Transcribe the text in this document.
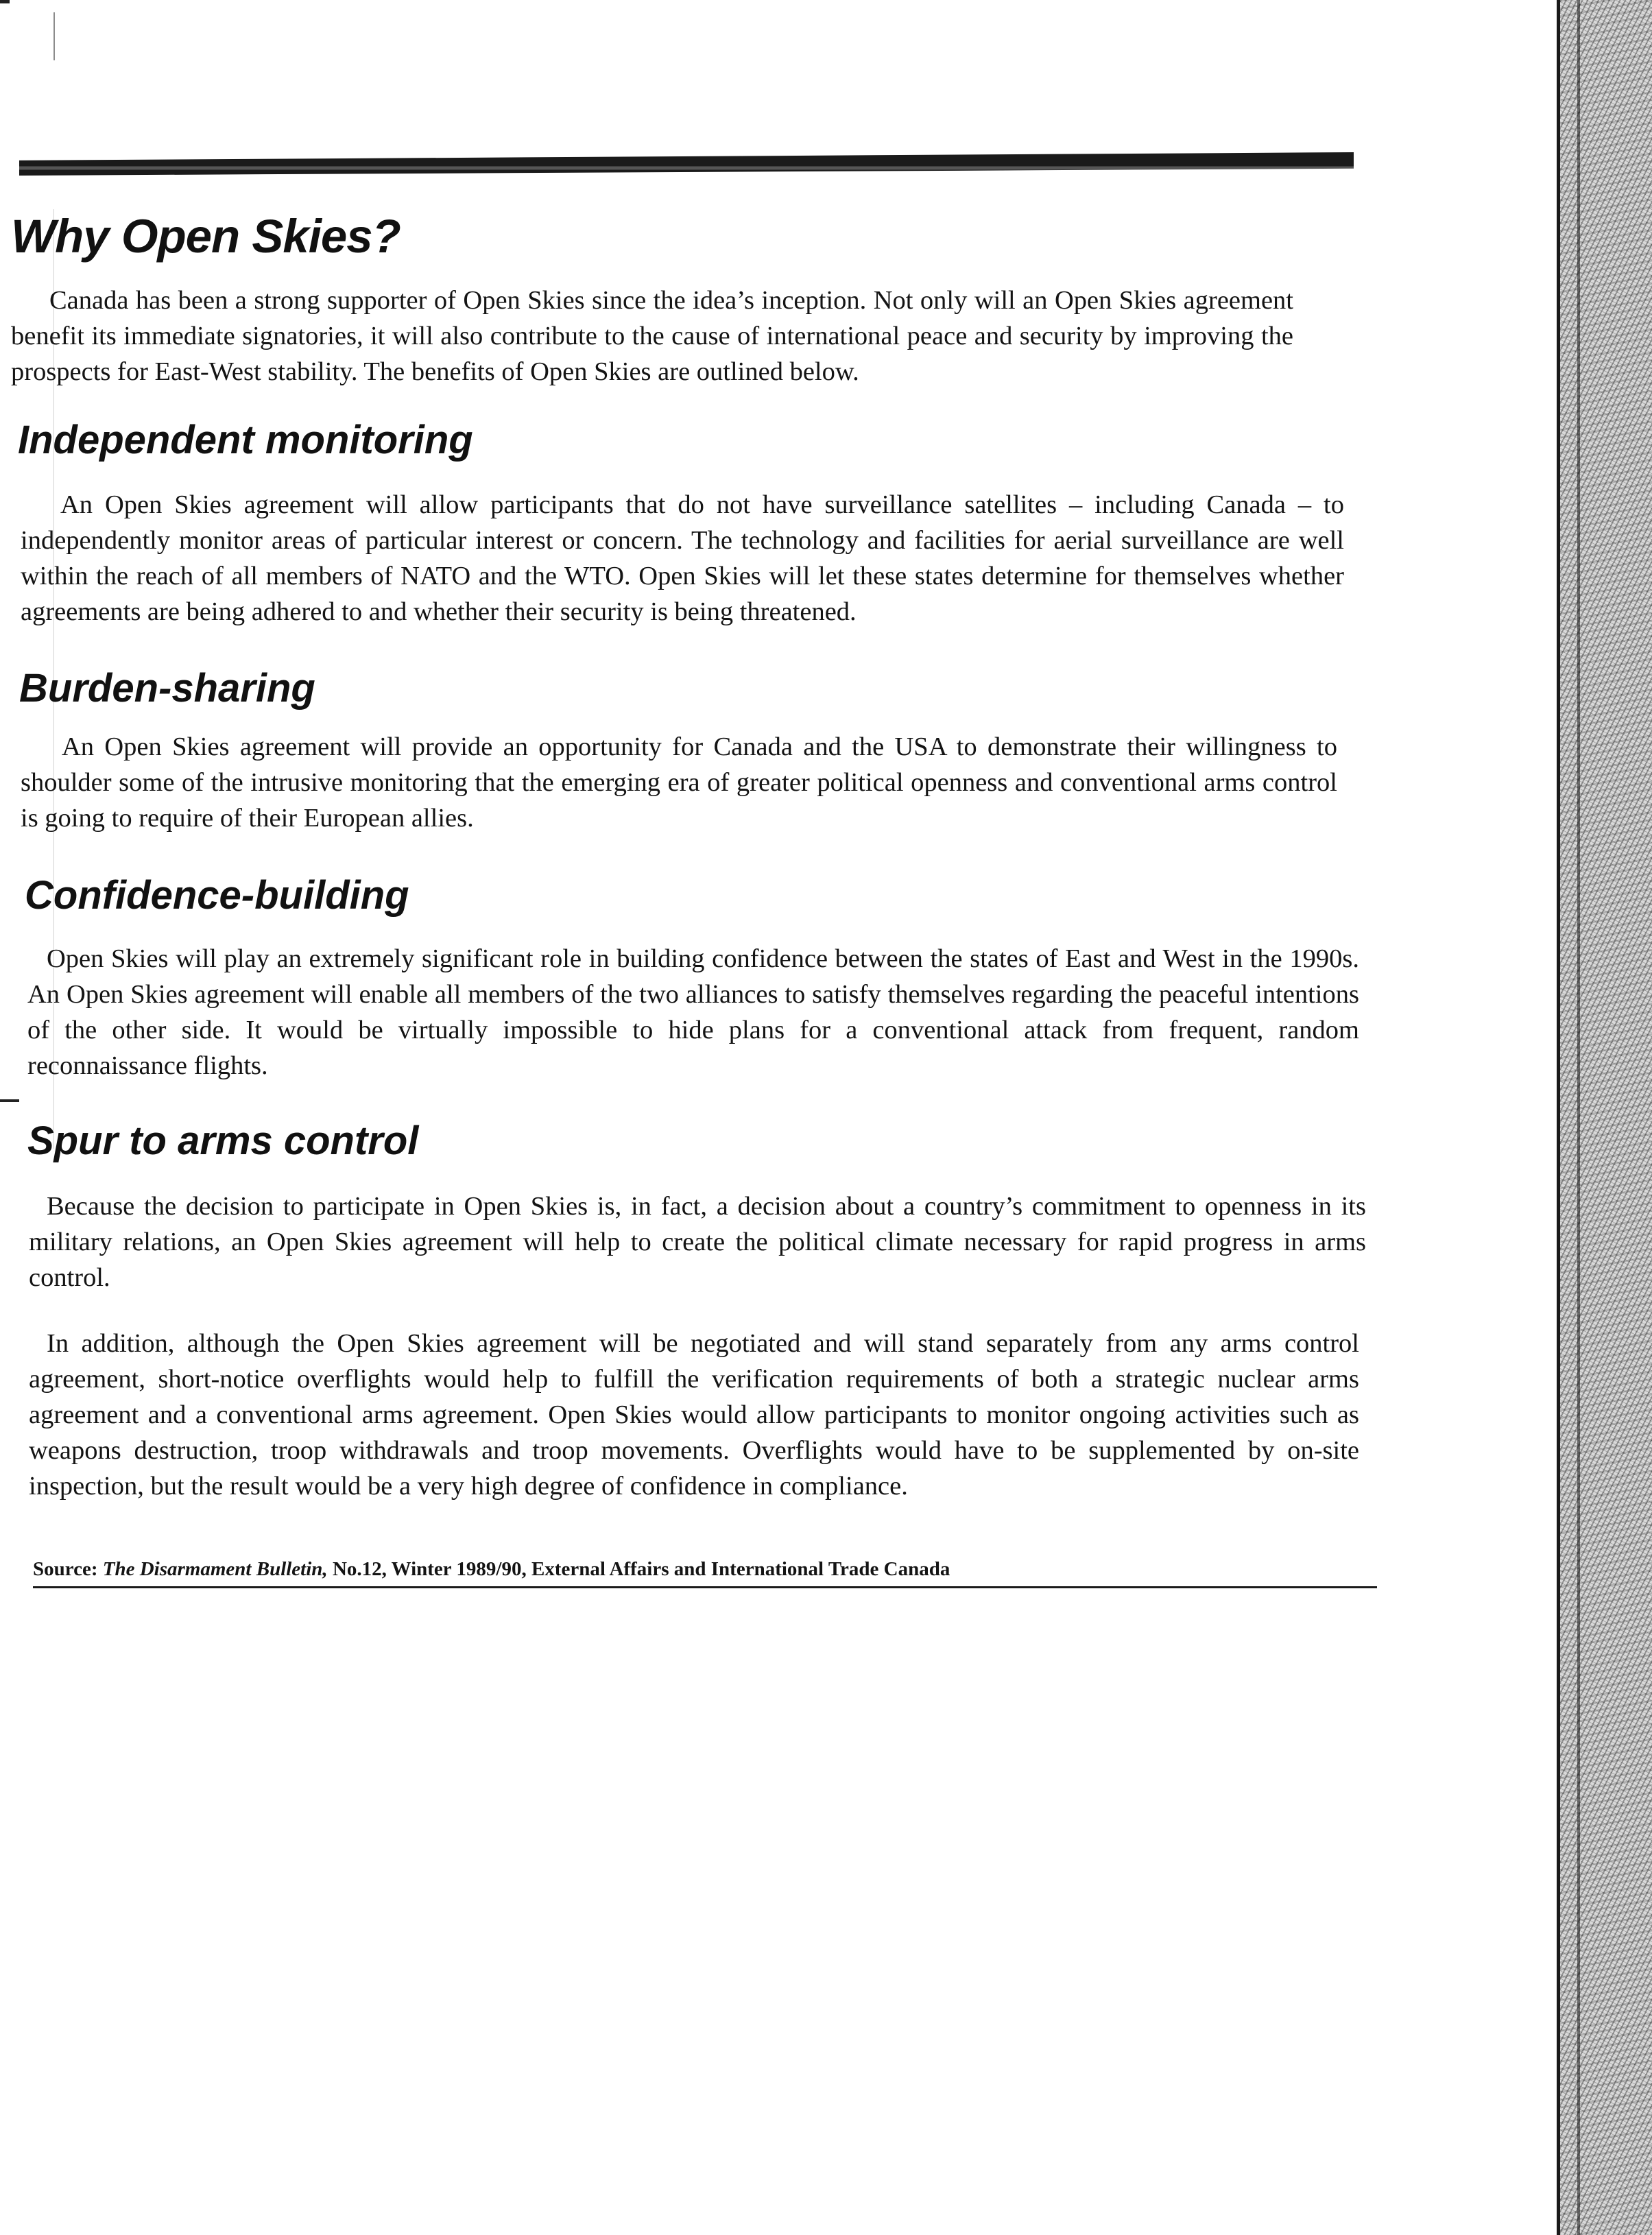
Why Open Skies?

Canada has been a strong supporter of Open Skies since the idea’s inception. Not only will an Open Skies agreement benefit its immediate signatories, it will also contribute to the cause of international peace and security by improving the prospects for East-West stability. The benefits of Open Skies are outlined below.

Independent monitoring

An Open Skies agreement will allow participants that do not have surveillance satellites – including Canada – to independently monitor areas of particular interest or concern. The technology and facilities for aerial surveillance are well within the reach of all members of NATO and the WTO. Open Skies will let these states determine for themselves whether agreements are being adhered to and whether their security is being threatened.

Burden-sharing

An Open Skies agreement will provide an opportunity for Canada and the USA to demonstrate their willingness to shoulder some of the intrusive monitoring that the emerging era of greater political openness and conventional arms control is going to require of their European allies.

Confidence-building

Open Skies will play an extremely significant role in building confidence between the states of East and West in the 1990s. An Open Skies agreement will enable all members of the two alliances to satisfy themselves regarding the peaceful intentions of the other side. It would be virtually impossible to hide plans for a conventional attack from frequent, random reconnaissance flights.

Spur to arms control

Because the decision to participate in Open Skies is, in fact, a decision about a country’s commitment to openness in its military relations, an Open Skies agreement will help to create the political climate necessary for rapid progress in arms control.

In addition, although the Open Skies agreement will be negotiated and will stand separately from any arms control agreement, short-notice overflights would help to fulfill the verification requirements of both a strategic nuclear arms agreement and a conventional arms agreement. Open Skies would allow participants to monitor ongoing activities such as weapons destruction, troop withdrawals and troop movements. Overflights would have to be supplemented by on-site inspection, but the result would be a very high degree of confidence in compliance.

Source: The Disarmament Bulletin, No.12, Winter 1989/90, External Affairs and International Trade Canada
